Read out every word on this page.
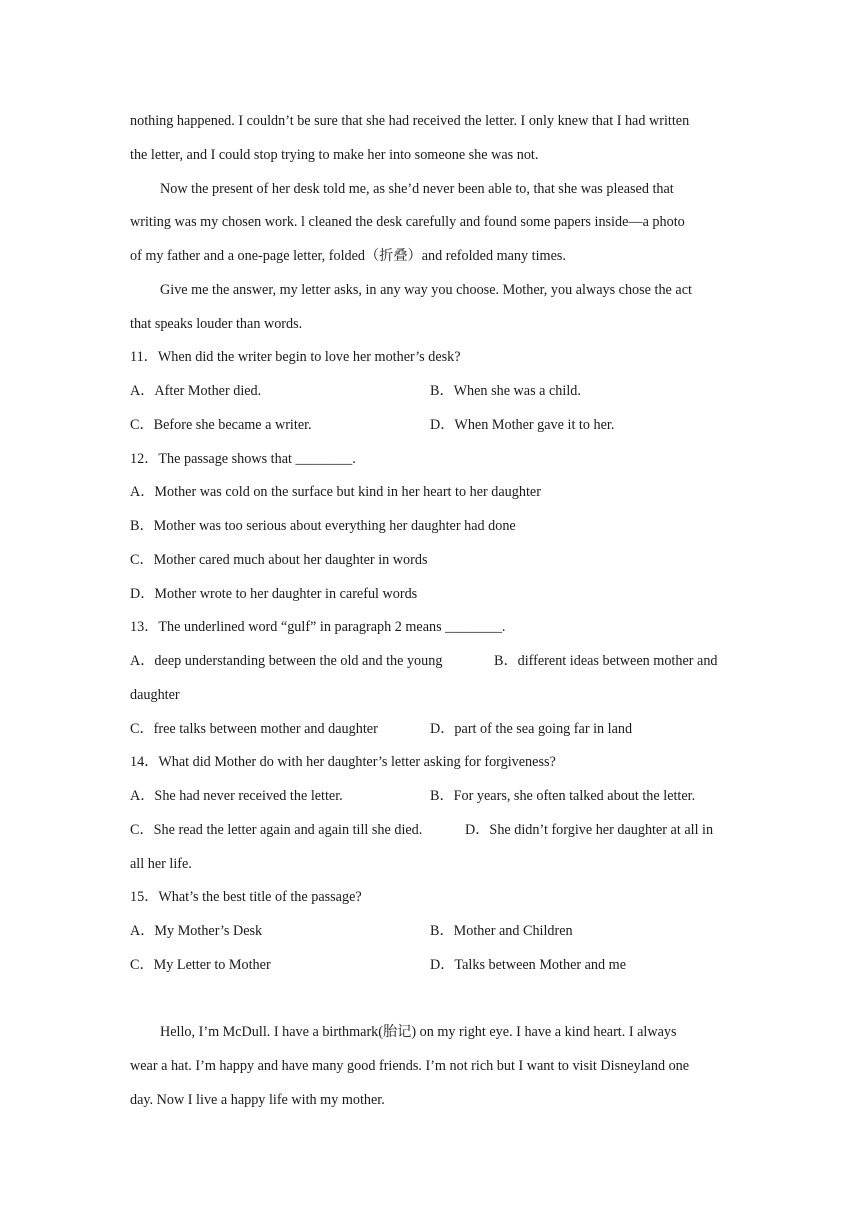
nothing happened. I couldn’t be sure that she had received the letter. I only knew that I had written
the letter, and I could stop trying to make her into someone she was not.
Now the present of her desk told me, as she’d never been able to, that she was pleased that
writing was my chosen work. l cleaned the desk carefully and found some papers inside—a photo
of my father and a one-page letter, folded（折叠）and refolded many times.
Give me the answer, my letter asks, in any way you choose. Mother, you always chose the act
that speaks louder than words.
11．When did the writer begin to love her mother’s desk?
A．After Mother died.	B．When she was a child.
C．Before she became a writer.	D．When Mother gave it to her.
12．The passage shows that ________.
A．Mother was cold on the surface but kind in her heart to her daughter
B．Mother was too serious about everything her daughter had done
C．Mother cared much about her daughter in words
D．Mother wrote to her daughter in careful words
13．The underlined word “gulf” in paragraph 2 means ________.
A．deep understanding between the old and the young	B．different ideas between mother and
daughter
C．free talks between mother and daughter	D．part of the sea going far in land
14．What did Mother do with her daughter’s letter asking for forgiveness?
A．She had never received the letter.	B．For years, she often talked about the letter.
C．She read the letter again and again till she died.	D．She didn’t forgive her daughter at all in
all her life.
15．What’s the best title of the passage?
A．My Mother’s Desk	B．Mother and Children
C．My Letter to Mother	D．Talks between Mother and me
Hello, I’m McDull. I have a birthmark(胎记) on my right eye. I have a kind heart. I always
wear a hat. I’m happy and have many good friends. I’m not rich but I want to visit Disneyland one
day. Now I live a happy life with my mother.
